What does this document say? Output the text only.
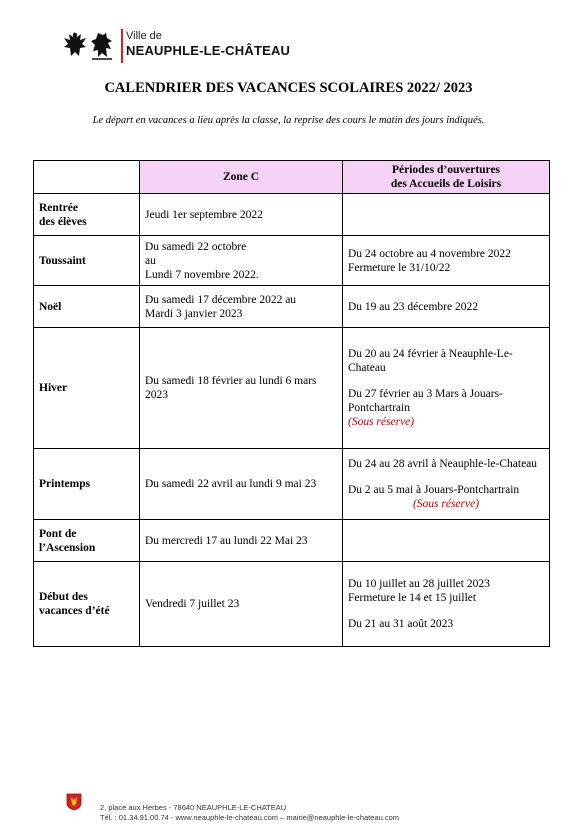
Ville de
NEAUPHLE-LE-CHÂTEAU
CALENDRIER DES VACANCES SCOLAIRES 2022/ 2023

Le départ en vacances a lieu après la classe, la reprise des cours le matin des jours indiqués.

	Zone C	Périodes d’ouvertures
des Accueils de Loisirs
Rentrée
des élèves	Jeudi 1er septembre 2022	
Toussaint	Du samedi 22 octobre
au
Lundi 7 novembre 2022.	Du 24 octobre au 4 novembre 2022
Fermeture le 31/10/22
Noël	Du samedi 17 décembre 2022 au
Mardi 3 janvier 2023	Du 19 au 23 décembre 2022
Hiver	Du samedi 18 février au lundi 6 mars 2023	Du 20 au 24 février à Neauphle-Le-Chateau
Du 27 février au 3 Mars à Jouars-Pontchartrain
(Sous réserve)
Printemps	Du samedi 22 avril au lundi 9 mai 23	Du 24 au 28 avril à Neauphle-le-Chateau
Du 2 au 5 mai à Jouars-Pontchartrain
(Sous réserve)

Pont de
l’Ascension	Du mercredi 17 au lundi 22 Mai 23	
Début des
vacances d’été	Vendredi 7 juillet 23	Du 10 juillet au 28 juillet 2023
Fermeture le 14 et 15 juillet
Du 21 au 31 août 2023
2, place aux Herbes - 78640 NEAUPHLE-LE-CHATEAU
Tél. : 01.34.91.00.74 - www.neauphle-le-chateau.com – mairie@neauphle-le-chateau.com
